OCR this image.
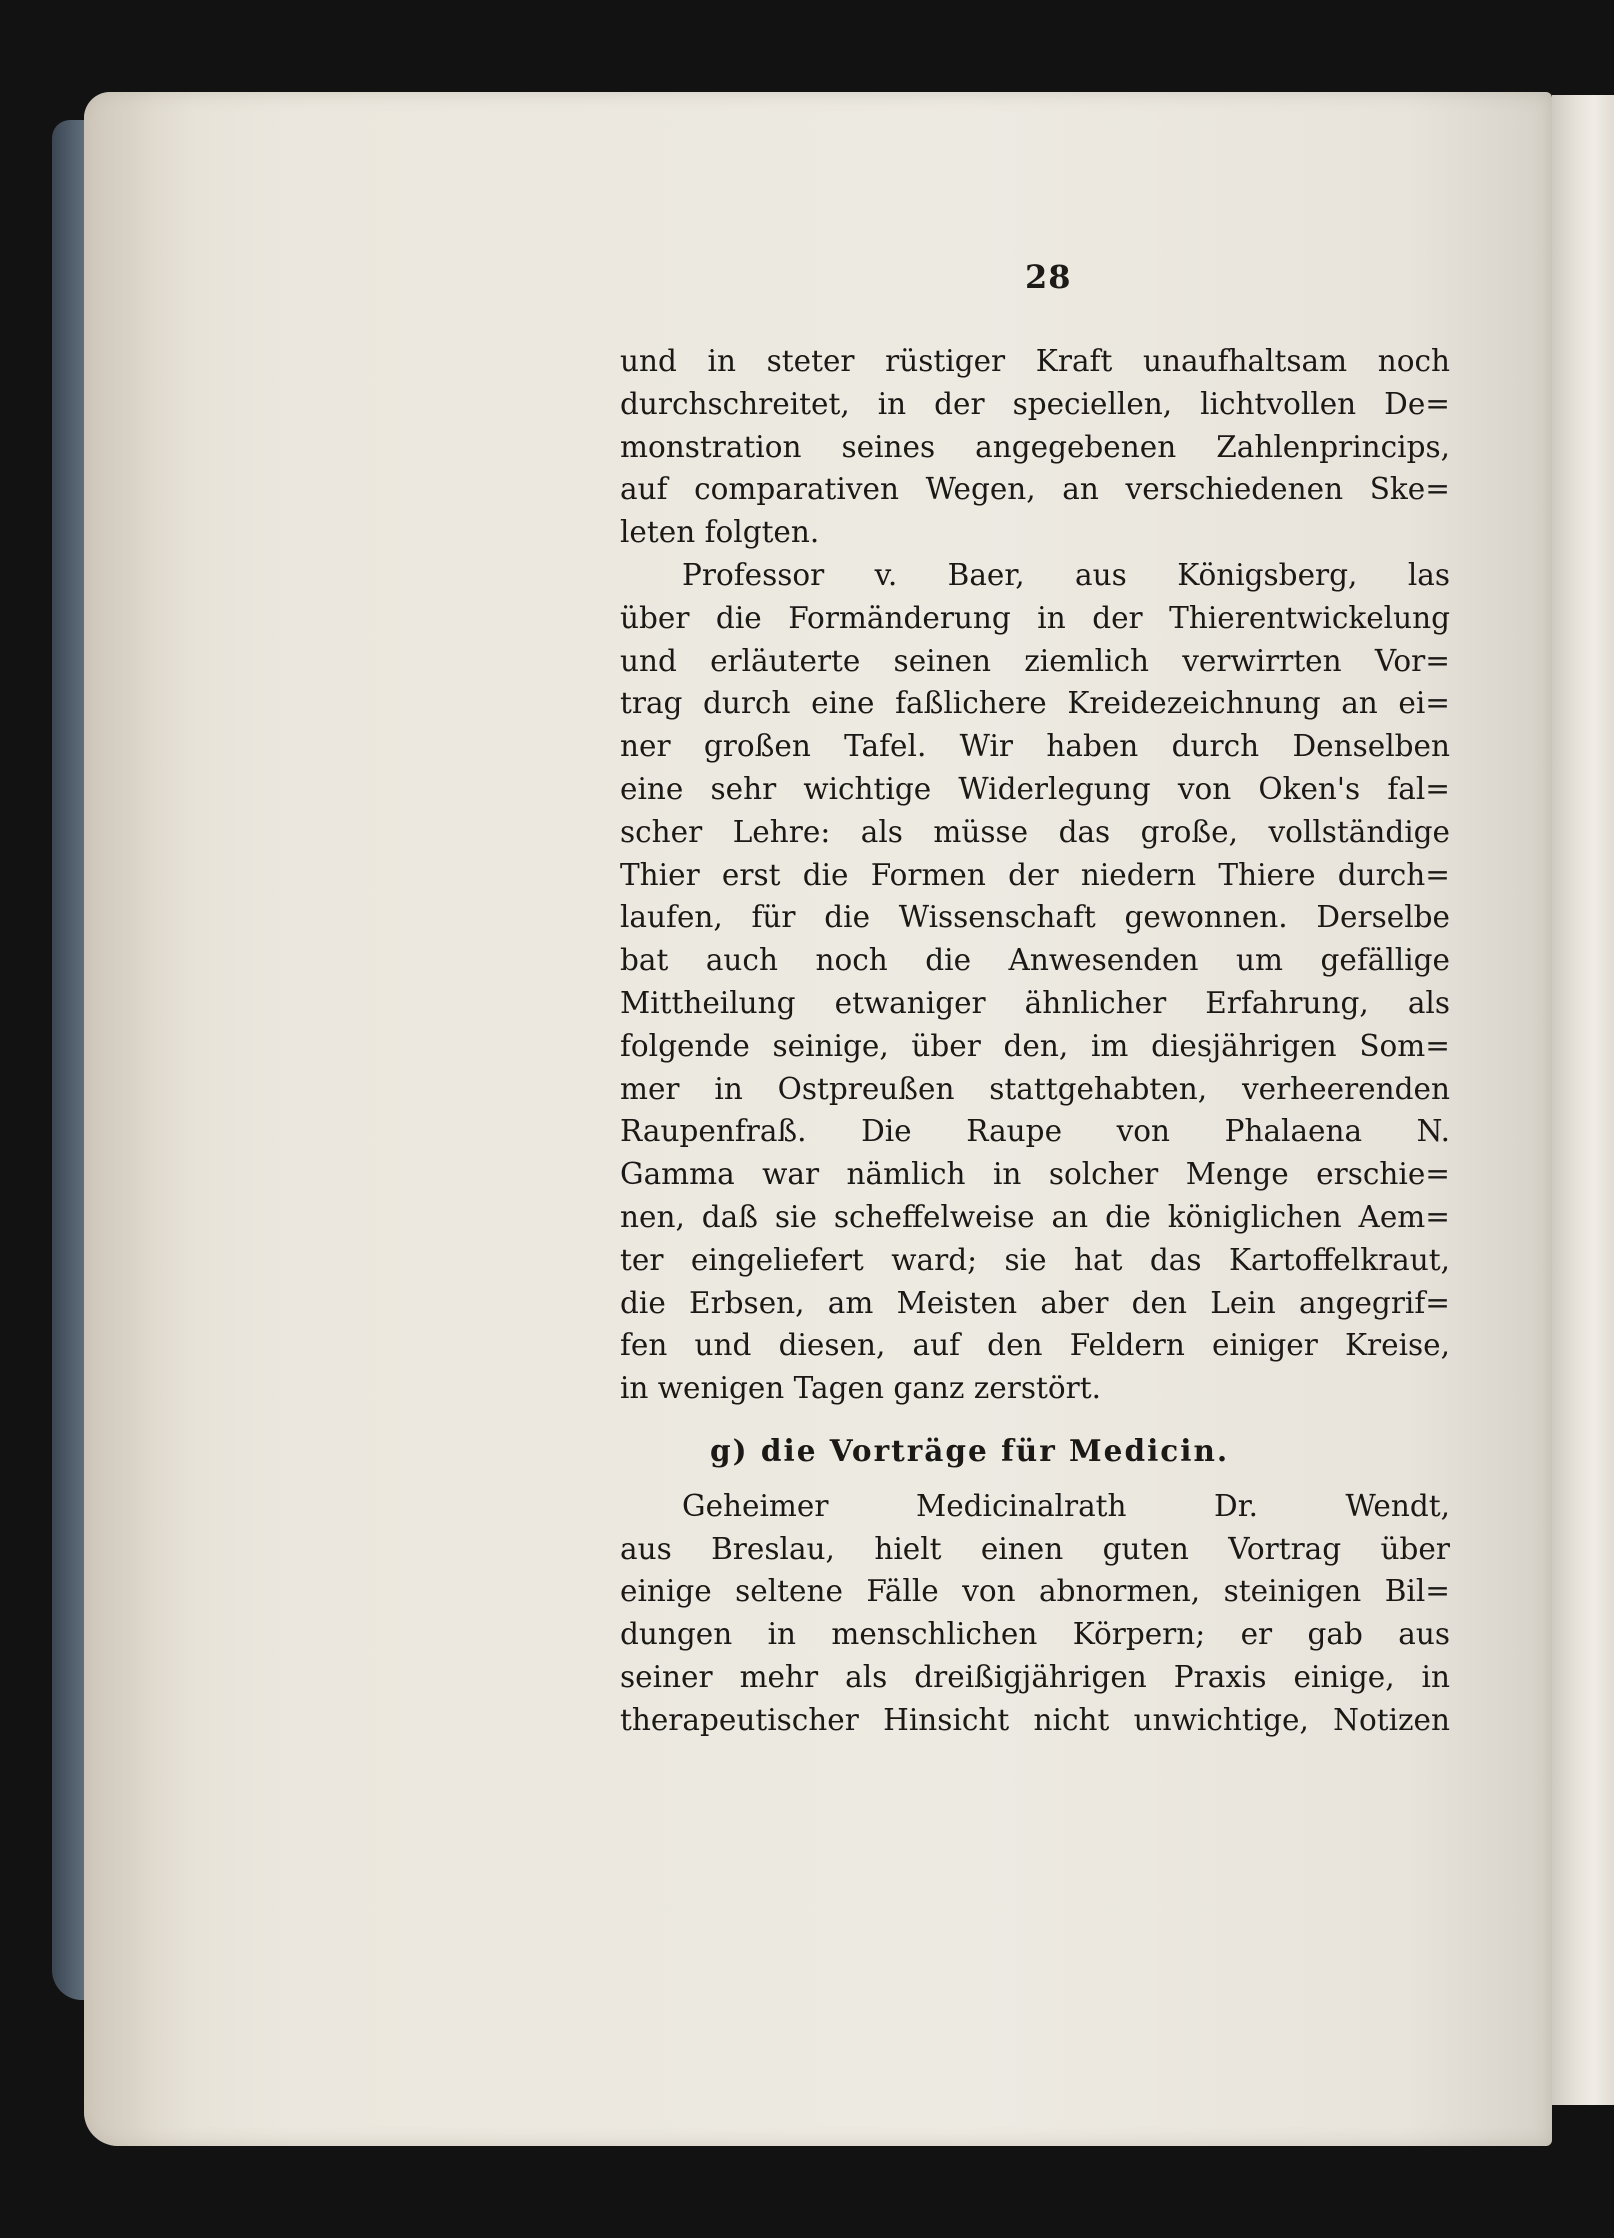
28
und in steter rüstiger Kraft unaufhaltsam noch
durchschreitet, in der speciellen, lichtvollen De=
monstration seines angegebenen Zahlenprincips,
auf comparativen Wegen, an verschiedenen Ske=
leten folgten.
Professor v. Baer, aus Königsberg, las
über die Formänderung in der Thierentwickelung
und erläuterte seinen ziemlich verwirrten Vor=
trag durch eine faßlichere Kreidezeichnung an ei=
ner großen Tafel. Wir haben durch Denselben
eine sehr wichtige Widerlegung von Oken's fal=
scher Lehre: als müsse das große, vollständige
Thier erst die Formen der niedern Thiere durch=
laufen, für die Wissenschaft gewonnen. Derselbe
bat auch noch die Anwesenden um gefällige
Mittheilung etwaniger ähnlicher Erfahrung, als
folgende seinige, über den, im diesjährigen Som=
mer in Ostpreußen stattgehabten, verheerenden
Raupenfraß. Die Raupe von Phalaena N.
Gamma war nämlich in solcher Menge erschie=
nen, daß sie scheffelweise an die königlichen Aem=
ter eingeliefert ward; sie hat das Kartoffelkraut,
die Erbsen, am Meisten aber den Lein angegrif=
fen und diesen, auf den Feldern einiger Kreise,
in wenigen Tagen ganz zerstört.
g) die Vorträge für Medicin.
Geheimer Medicinalrath Dr. Wendt,
aus Breslau, hielt einen guten Vortrag über
einige seltene Fälle von abnormen, steinigen Bil=
dungen in menschlichen Körpern; er gab aus
seiner mehr als dreißigjährigen Praxis einige, in
therapeutischer Hinsicht nicht unwichtige, Notizen
